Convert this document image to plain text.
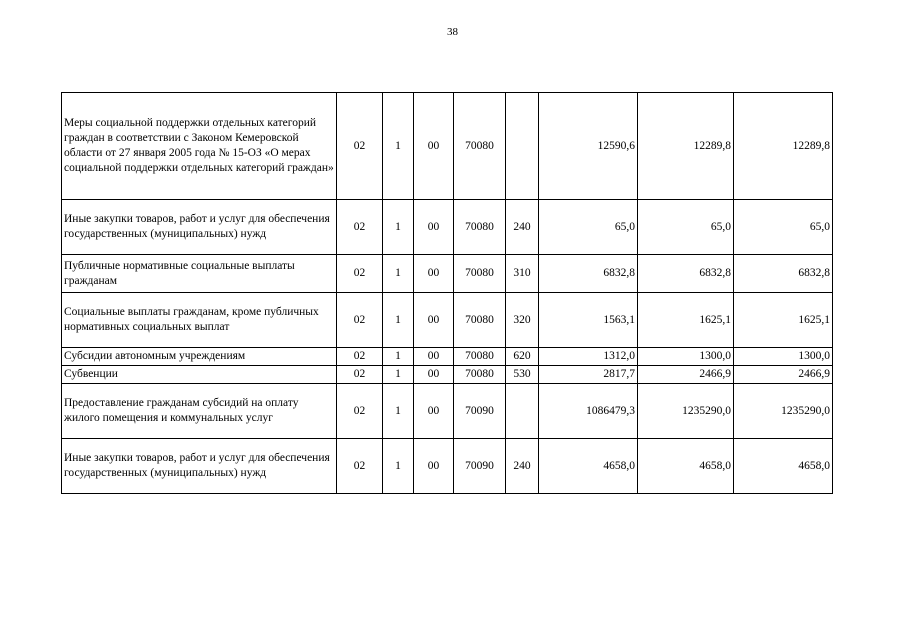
38
Меры социальной поддержки отдельных категорий граждан в соответствии с Законом Кемеровской области от 27 января 2005 года № 15-ОЗ «О мерах социальной поддержки отдельных категорий граждан»	02	1	00	70080		12590,6	12289,8	12289,8
Иные закупки товаров, работ и услуг для обеспечения государственных (муниципальных) нужд	02	1	00	70080	240	65,0	65,0	65,0
Публичные нормативные социальные выплаты гражданам	02	1	00	70080	310	6832,8	6832,8	6832,8
Социальные выплаты гражданам, кроме публичных нормативных социальных выплат	02	1	00	70080	320	1563,1	1625,1	1625,1
Субсидии автономным учреждениям	02	1	00	70080	620	1312,0	1300,0	1300,0
Субвенции	02	1	00	70080	530	2817,7	2466,9	2466,9
Предоставление гражданам субсидий на оплату жилого помещения и коммунальных услуг	02	1	00	70090		1086479,3	1235290,0	1235290,0
Иные закупки товаров, работ и услуг для обеспечения государственных (муниципальных) нужд	02	1	00	70090	240	4658,0	4658,0	4658,0
